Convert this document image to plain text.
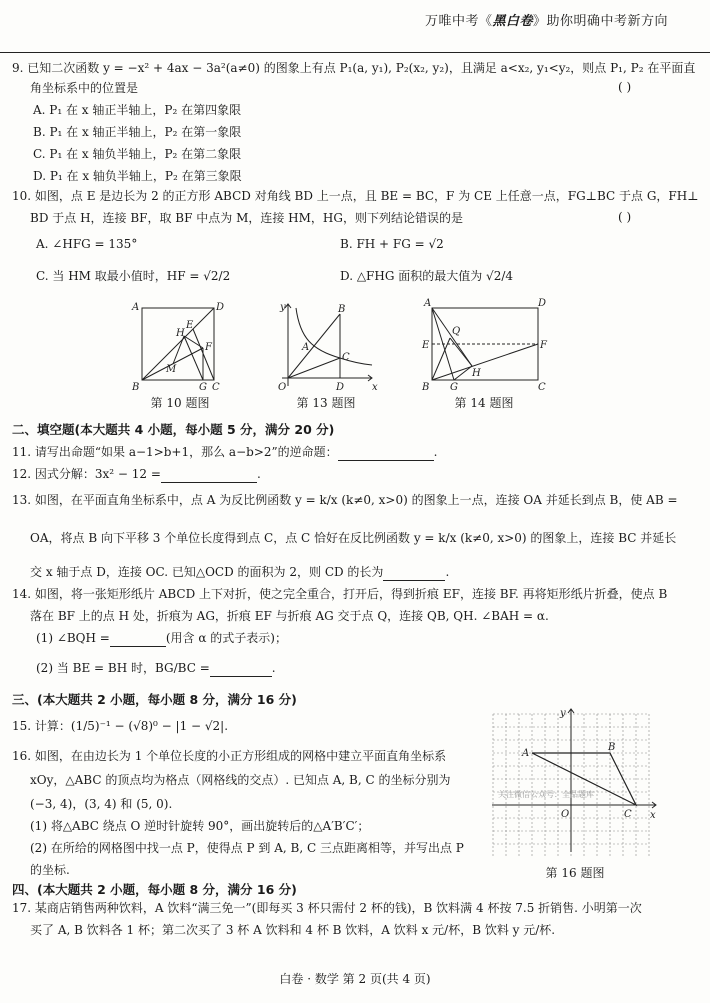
万唯中考《黑白卷》助你明确中考新方向
9. 已知二次函数 y = −x² + 4ax − 3a²(a≠0) 的图象上有点 P₁(a, y₁), P₂(x₂, y₂)，且满足 a<x₂, y₁<y₂，则点 P₁, P₂ 在平面直
角坐标系中的位置是	( )
A. P₁ 在 x 轴正半轴上，P₂ 在第四象限
B. P₁ 在 x 轴正半轴上，P₂ 在第一象限
C. P₁ 在 x 轴负半轴上，P₂ 在第二象限
D. P₁ 在 x 轴负半轴上，P₂ 在第三象限
10. 如图，点 E 是边长为 2 的正方形 ABCD 对角线 BD 上一点，且 BE = BC，F 为 CE 上任意一点，FG⊥BC 于点 G，FH⊥
BD 于点 H，连接 BF，取 BF 中点为 M，连接 HM，HG，则下列结论错误的是	( )
A. ∠HFG = 135°	B. FH + FG = √2
C. 当 HM 取最小值时，HF = √2/2	D. △FHG 面积的最大值为 √2/4
A	D
B	C
G
H
E
F
M
第 10 题图
y
x
O
A
B
C
D
第 13 题图
A	D
B	C
E	F
G
H
Q
第 14 题图
二、填空题(本大题共 4 小题，每小题 5 分，满分 20 分)
11. 请写出命题“如果 a−1>b+1，那么 a−b>2”的逆命题：	.
12. 因式分解：3x² − 12 =	.
13. 如图，在平面直角坐标系中，点 A 为反比例函数 y = k/x (k≠0, x>0) 的图象上一点，连接 OA 并延长到点 B，使 AB =
OA，将点 B 向下平移 3 个单位长度得到点 C，点 C 恰好在反比例函数 y = k/x (k≠0, x>0) 的图象上，连接 BC 并延长
交 x 轴于点 D，连接 OC. 已知△OCD 的面积为 2，则 CD 的长为	.
14. 如图，将一张矩形纸片 ABCD 上下对折，使之完全重合，打开后，得到折痕 EF，连接 BF. 再将矩形纸片折叠，使点 B
落在 BF 上的点 H 处，折痕为 AG，折痕 EF 与折痕 AG 交于点 Q，连接 QB, QH. ∠BAH = α.
(1) ∠BQH =	(用含 α 的式子表示)；
(2) 当 BE = BH 时，BG/BC =	.
三、(本大题共 2 小题，每小题 8 分，满分 16 分)
15. 计算：(1/5)⁻¹ − (√8)⁰ − |1 − √2|.
16. 如图，在由边长为 1 个单位长度的小正方形组成的网格中建立平面直角坐标系
xOy，△ABC 的顶点均为格点（网格线的交点）. 已知点 A, B, C 的坐标分别为
(−3, 4)，(3, 4) 和 (5, 0).
(1) 将△ABC 绕点 O 逆时针旋转 90°，画出旋转后的△A′B′C′；
(2) 在所给的网格图中找一点 P，使得点 P 到 A, B, C 三点距离相等，并写出点 P
的坐标.
关注微信公众号：全品题库
y
x
O
A
B
C
第 16 题图
四、(本大题共 2 小题，每小题 8 分，满分 16 分)
17. 某商店销售两种饮料，A 饮料“满三免一”(即每买 3 杯只需付 2 杯的钱)，B 饮料满 4 杯按 7.5 折销售. 小明第一次
买了 A, B 饮料各 1 杯；第二次买了 3 杯 A 饮料和 4 杯 B 饮料，A 饮料 x 元/杯，B 饮料 y 元/杯.
白卷 · 数学 第 2 页(共 4 页)
